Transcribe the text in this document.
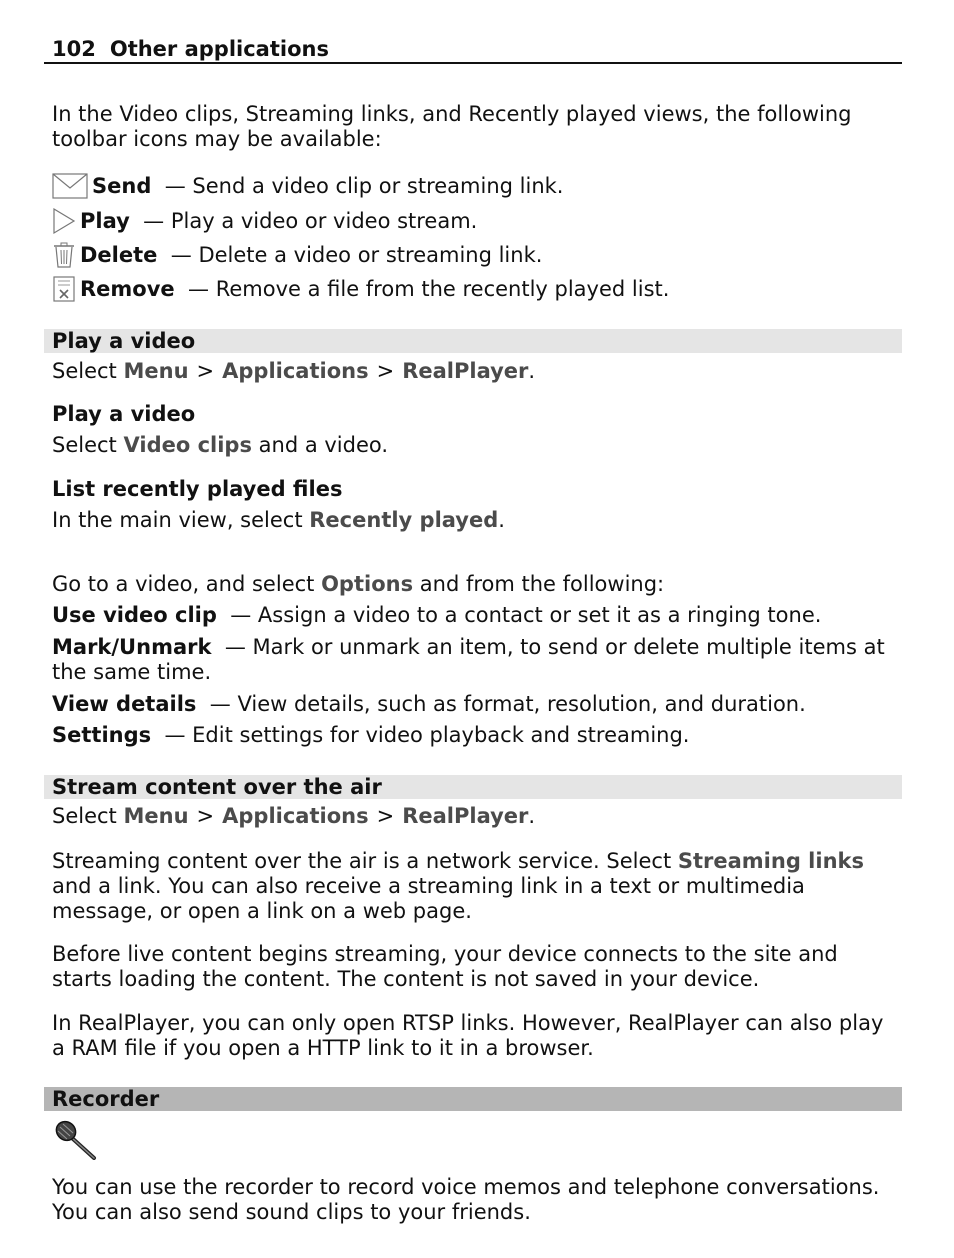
102 Other applications
In the Video clips, Streaming links, and Recently played views, the following toolbar icons may be available:
Send
— Send a video clip or streaming link.
Play
— Play a video or video stream.
Delete
— Delete a video or streaming link.
Remove
— Remove a file from the recently played list.
Play a video
Select Menu > Applications > RealPlayer.
Play a video
Select Video clips and a video.
List recently played files
In the main view, select Recently played.
Go to a video, and select Options and from the following:
Use video clip — Assign a video to a contact or set it as a ringing tone.
Mark/Unmark — Mark or unmark an item, to send or delete multiple items at the same time.
View details — View details, such as format, resolution, and duration.
Settings — Edit settings for video playback and streaming.
Stream content over the air
Select Menu > Applications > RealPlayer.
Streaming content over the air is a network service. Select Streaming links and a link. You can also receive a streaming link in a text or multimedia message, or open a link on a web page.
Before live content begins streaming, your device connects to the site and starts loading the content. The content is not saved in your device.
In RealPlayer, you can only open RTSP links. However, RealPlayer can also play a RAM file if you open a HTTP link to it in a browser.
Recorder
You can use the recorder to record voice memos and telephone conversations. You can also send sound clips to your friends.
